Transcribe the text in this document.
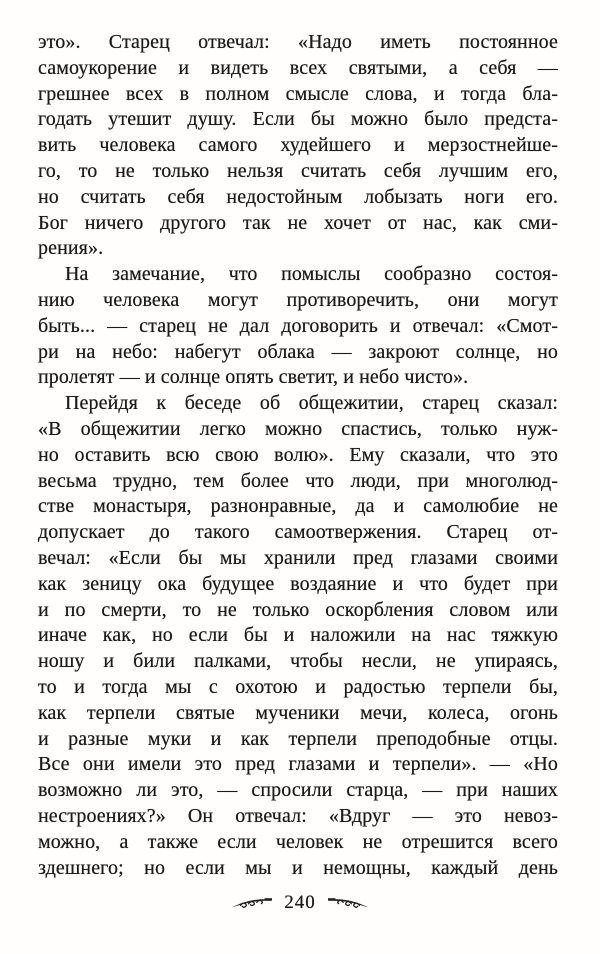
это». Старец отвечал: «Надо иметь постоянное
самоукорение и видеть всех святыми, а себя —
грешнее всех в полном смысле слова, и тогда бла-
годать утешит душу. Если бы можно было предста-
вить человека самого худейшего и мерзостнейше-
го, то не только нельзя считать себя лучшим его,
но считать себя недостойным лобызать ноги его.
Бог ничего другого так не хочет от нас, как сми-
рения».
На замечание, что помыслы сообразно состоя-
нию человека могут противоречить, они могут
быть... — старец не дал договорить и отвечал: «Смот-
ри на небо: набегут облака — закроют солнце, но
пролетят — и солнце опять светит, и небо чисто».
Перейдя к беседе об общежитии, старец сказал:
«В общежитии легко можно спастись, только нуж-
но оставить всю свою волю». Ему сказали, что это
весьма трудно, тем более что люди, при многолюд-
стве монастыря, разнонравные, да и самолюбие не
допускает до такого самоотвержения. Старец от-
вечал: «Если бы мы хранили пред глазами своими
как зеницу ока будущее воздаяние и что будет при
и по смерти, то не только оскорбления словом или
иначе как, но если бы и наложили на нас тяжкую
ношу и били палками, чтобы несли, не упираясь,
то и тогда мы с охотою и радостью терпели бы,
как терпели святые мученики мечи, колеса, огонь
и разные муки и как терпели преподобные отцы.
Все они имели это пред глазами и терпели». — «Но
возможно ли это, — спросили старца, — при наших
нестроениях?» Он отвечал: «Вдруг — это невоз-
можно, а также если человек не отрешится всего
здешнего; но если мы и немощны, каждый день
240
